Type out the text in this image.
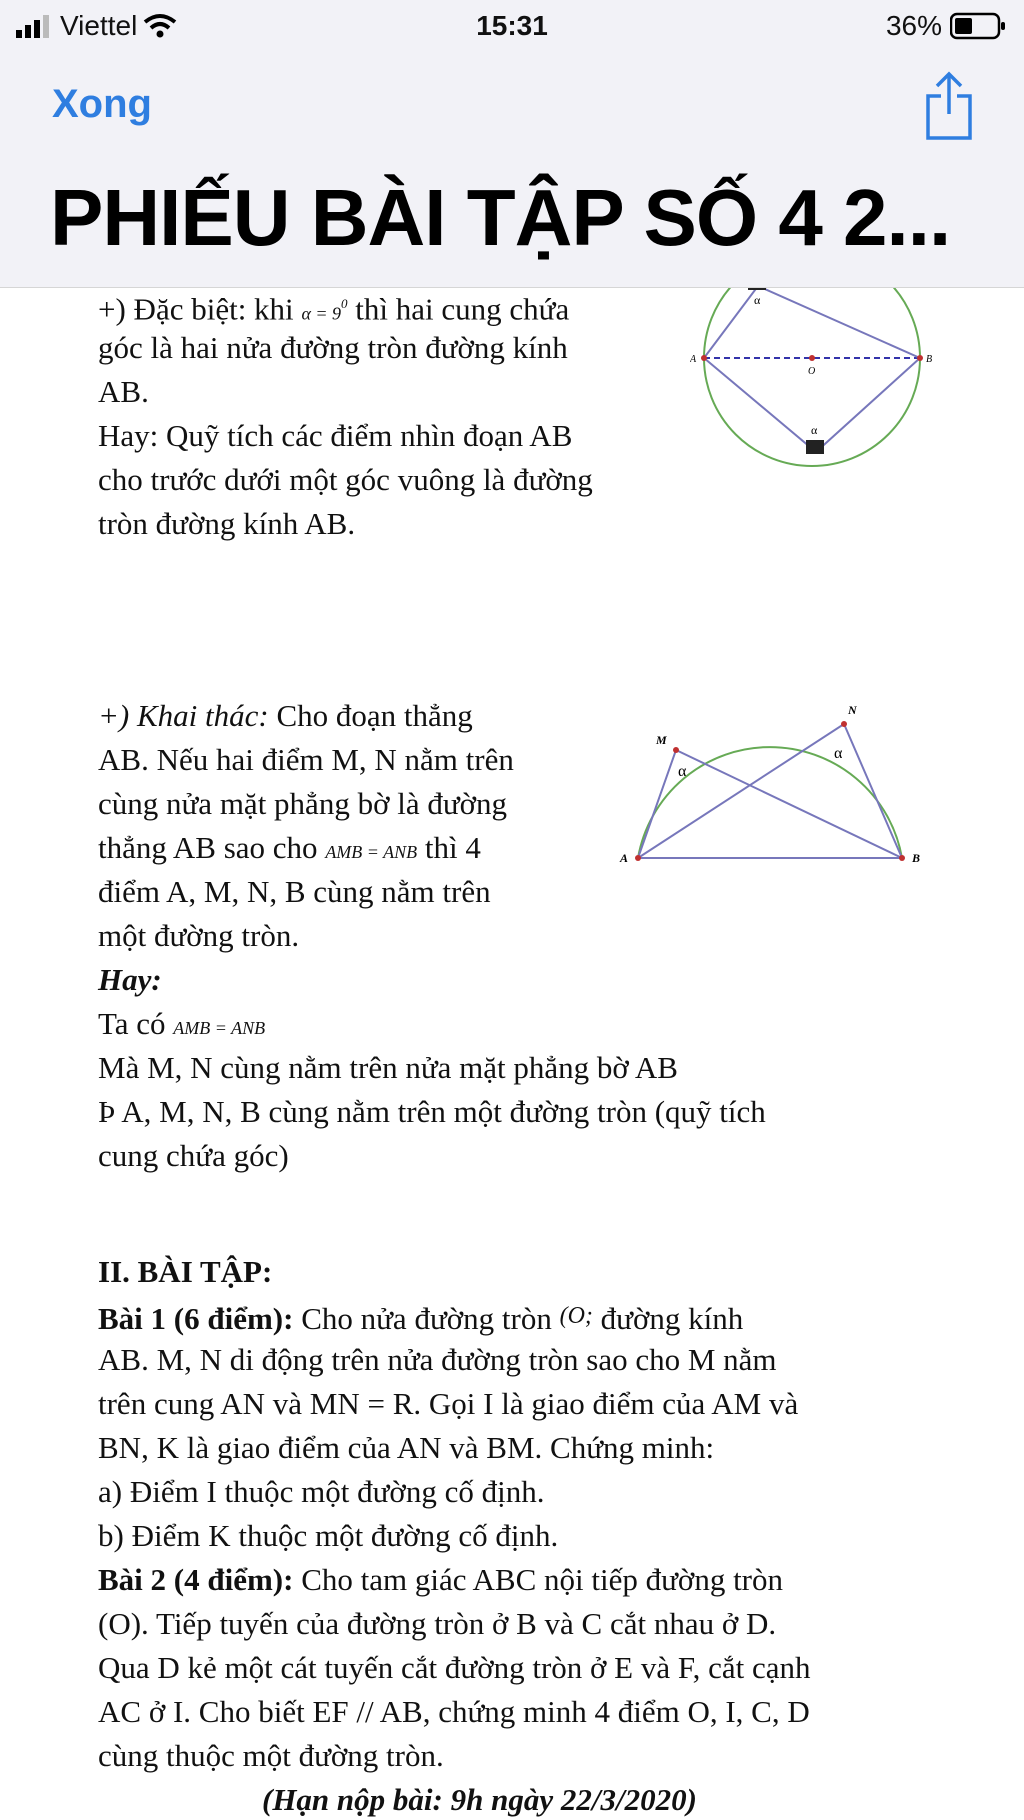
Viettel	15:31	36%
Xong
PHIẾU BÀI TẬP SỐ 4 2...
+) Đặc biệt: khi $\alpha = 9^0$ thì hai cung chứa
góc là hai nửa đường tròn đường kính
AB.
Hay: Quỹ tích các điểm nhìn đoạn AB
cho trước dưới một góc vuông là đường
tròn đường kính AB.
A	B
O
α
α
+) Khai thác: Cho đoạn thẳng
AB. Nếu hai điểm M, N nằm trên
cùng nửa mặt phẳng bờ là đường
thẳng AB sao cho AMB = ANB thì 4
điểm A, M, N, B cùng nằm trên
một đường tròn.
Hay:
Ta có AMB = ANB
Mà M, N cùng nằm trên nửa mặt phẳng bờ AB
Þ A, M, N, B cùng nằm trên một đường tròn (quỹ tích
cung chứa góc)
M
N
A	B
α
α
II. BÀI TẬP:
Bài 1 (6 điểm): Cho nửa đường tròn (O; đường kính
AB. M, N di động trên nửa đường tròn sao cho M nằm
trên cung AN và MN = R. Gọi I là giao điểm của AM và
BN, K là giao điểm của AN và BM. Chứng minh:
a) Điểm I thuộc một đường cố định.
b) Điểm K thuộc một đường cố định.
Bài 2 (4 điểm): Cho tam giác ABC nội tiếp đường tròn
(O). Tiếp tuyến của đường tròn ở B và C cắt nhau ở D.
Qua D kẻ một cát tuyến cắt đường tròn ở E và F, cắt cạnh
AC ở I. Cho biết EF // AB, chứng minh 4 điểm O, I, C, D
cùng thuộc một đường tròn.
(Hạn nộp bài: 9h ngày 22/3/2020)
